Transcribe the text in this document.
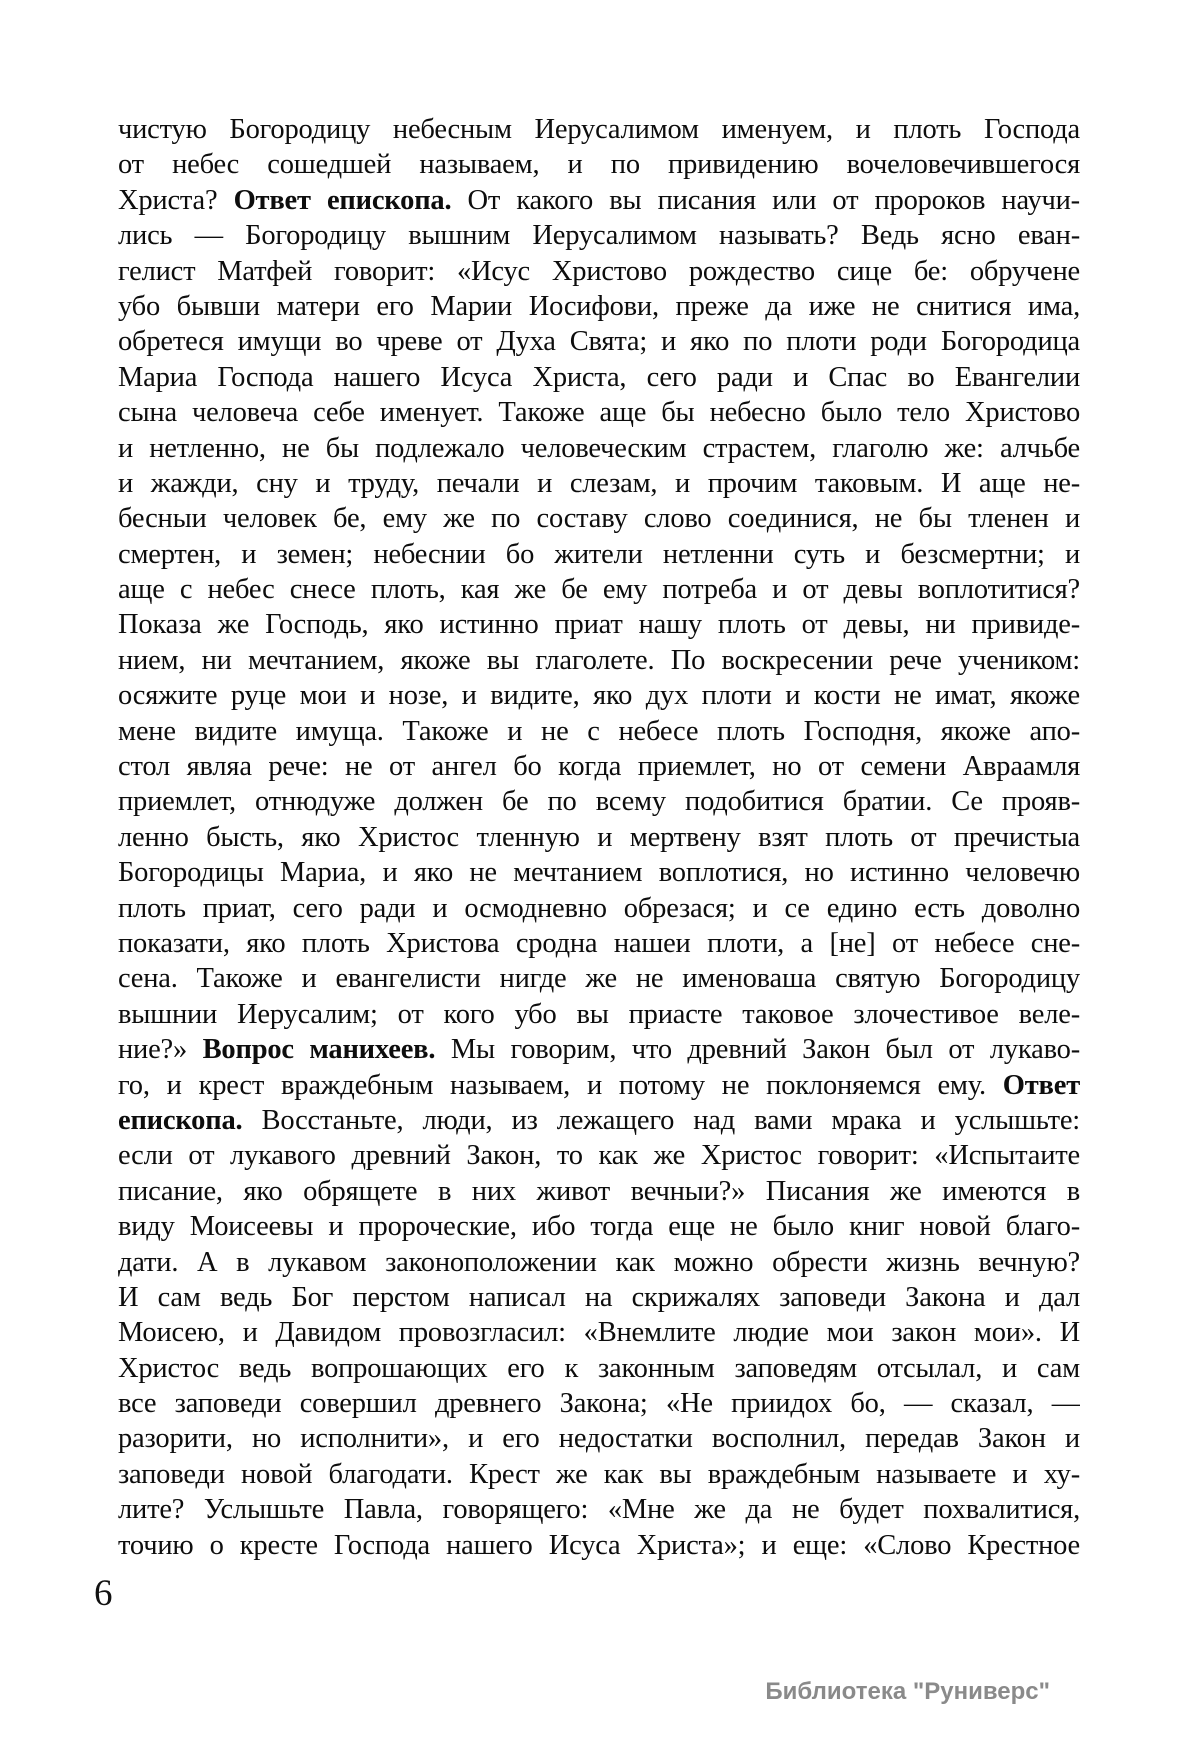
чистую Богородицу небесным Иерусалимом именуем, и плоть Господа
от небес сошедшей называем, и по привидению вочеловечившегося
Христа? Ответ епископа. От какого вы писания или от пророков научи-
лись — Богородицу вышним Иерусалимом называть? Ведь ясно еван-
гелист Матфей говорит: «Исус Христово рождество сице бе: обручене
убо бывши матери его Марии Иосифови, преже да иже не снитися има,
обретеся имущи во чреве от Духа Свята; и яко по плоти роди Богородица
Мариа Господа нашего Исуса Христа, сего ради и Спас во Евангелии
сына человеча себе именует. Такоже аще бы небесно было тело Христово
и нетленно, не бы подлежало человеческим страстем, глаголю же: алчьбе
и жажди, сну и труду, печали и слезам, и прочим таковым. И аще не-
бесныи человек бе, ему же по составу слово соединися, не бы тленен и
смертен, и земен; небеснии бо жители нетленни суть и безсмертни; и
аще с небес снесе плоть, кая же бе ему потреба и от девы воплотитися?
Показа же Господь, яко истинно приат нашу плоть от девы, ни привиде-
нием, ни мечтанием, якоже вы глаголете. По воскресении рече учеником:
осяжите руце мои и нозе, и видите, яко дух плоти и кости не имат, якоже
мене видите имуща. Такоже и не с небесе плоть Господня, якоже апо-
стол являа рече: не от ангел бо когда приемлет, но от семени Авраамля
приемлет, отнюдуже должен бе по всему подобитися братии. Се прояв-
ленно бысть, яко Христос тленную и мертвену взят плоть от пречистыа
Богородицы Мариа, и яко не мечтанием воплотися, но истинно человечю
плоть приат, сего ради и осмодневно обрезася; и се едино есть доволно
показати, яко плоть Христова сродна нашеи плоти, а [не] от небесе сне-
сена. Такоже и евангелисти нигде же не именоваша святую Богородицу
вышнии Иерусалим; от кого убо вы приасте таковое злочестивое веле-
ние?» Вопрос манихеев. Мы говорим, что древний Закон был от лукаво-
го, и крест враждебным называем, и потому не поклоняемся ему. Ответ
епископа. Восстаньте, люди, из лежащего над вами мрака и услышьте:
если от лукавого древний Закон, то как же Христос говорит: «Испытаите
писание, яко обрящете в них живот вечныи?» Писания же имеются в
виду Моисеевы и пророческие, ибо тогда еще не было книг новой благо-
дати. А в лукавом законоположении как можно обрести жизнь вечную?
И сам ведь Бог перстом написал на скрижалях заповеди Закона и дал
Моисею, и Давидом провозгласил: «Внемлите людие мои закон мои». И
Христос ведь вопрошающих его к законным заповедям отсылал, и сам
все заповеди совершил древнего Закона; «Не приидох бо, — сказал, —
разорити, но исполнити», и его недостатки восполнил, передав Закон и
заповеди новой благодати. Крест же как вы враждебным называете и ху-
лите? Услышьте Павла, говорящего: «Мне же да не будет похвалитися,
точию о кресте Господа нашего Исуса Христа»; и еще: «Слово Крестное
6
Библиотека "Руниверс"
